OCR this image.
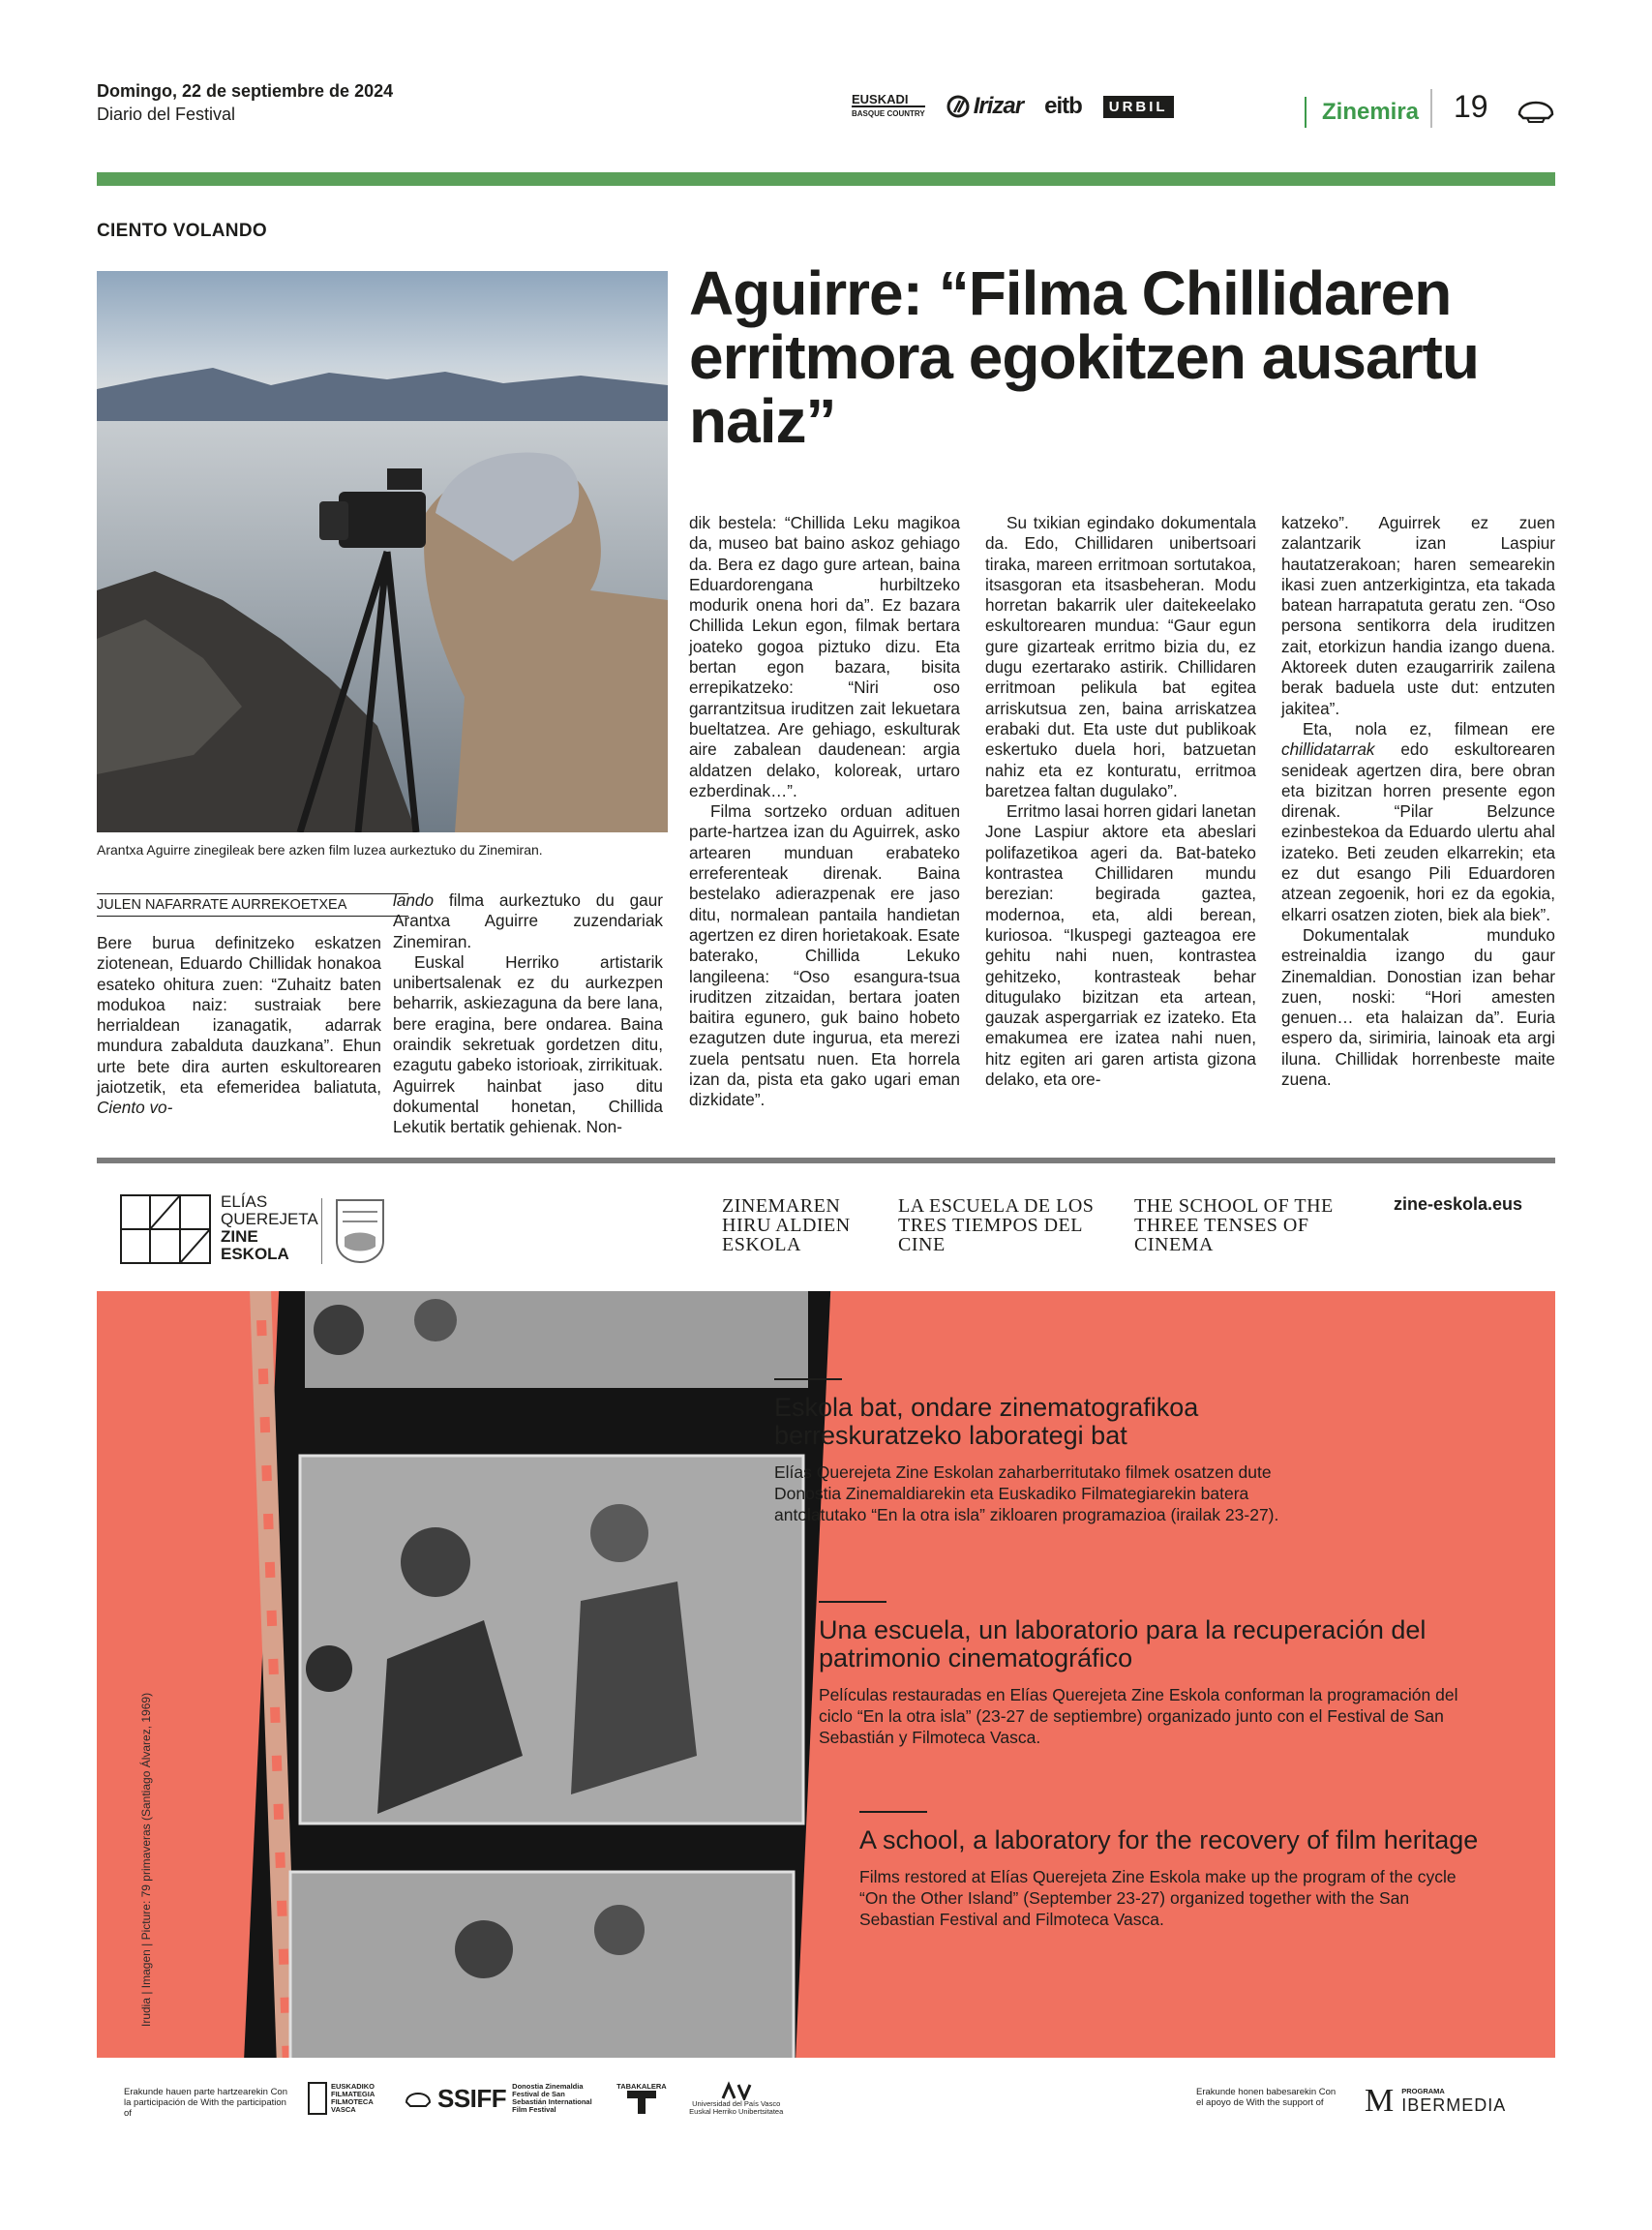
Domingo, 22 de septiembre de 2024
Diario del Festival
EUSKADI
BASQUE COUNTRY Irizar eitb	URBIL	Zinemira 19
CIENTO VOLANDO
Arantxa Aguirre zinegileak bere azken film luzea aurkeztuko du Zinemiran.
Aguirre: “Filma Chillidaren erritmora egokitzen ausartu naiz”
JULEN NAFARRATE AURREKOETXEA

Bere burua definitzeko eskatzen ziotenean, Eduardo Chillidak honakoa esateko ohitura zuen: “Zuhaitz baten modukoa naiz: sustraiak bere herrialdean izanagatik, adarrak mundura zabalduta dauzkana”. Ehun urte bete dira aurten eskultorearen jaiotzetik, eta efemeridea baliatuta, Ciento vo-

lando filma aurkeztuko du gaur Arantxa Aguirre zuzendariak Zinemiran.

Euskal Herriko artistarik unibertsalenak ez du aurkezpen beharrik, askiezaguna da bere lana, bere eragina, bere ondarea. Baina oraindik sekretuak gordetzen ditu, ezagutu gabeko istorioak, zirrikituak. Aguirrek hainbat jaso ditu dokumental honetan, Chillida Lekutik bertatik gehienak. Non-

dik bestela: “Chillida Leku magikoa da, museo bat baino askoz gehiago da. Bera ez dago gure artean, baina Eduardorengana hurbiltzeko modurik onena hori da”. Ez bazara Chillida Lekun egon, filmak bertara joateko gogoa piztuko dizu. Eta bertan egon bazara, bisita errepikatzeko: “Niri oso garrantzitsua iruditzen zait lekuetara bueltatzea. Are gehiago, eskulturak aire zabalean daudenean: argia aldatzen delako, koloreak, urtaro ezberdinak…”.

Filma sortzeko orduan adituen parte-hartzea izan du Aguirrek, asko artearen munduan erabateko erreferenteak direnak. Baina bestelako adierazpenak ere jaso ditu, normalean pantaila handietan agertzen ez diren horietakoak. Esate baterako, Chillida Lekuko langileena: “Oso esangura-tsua iruditzen zitzaidan, bertara joaten baitira egunero, guk baino hobeto ezagutzen dute ingurua, eta merezi zuela pentsatu nuen. Eta horrela izan da, pista eta gako ugari eman dizkidate”.

Su txikian egindako dokumentala da. Edo, Chillidaren unibertsoari tiraka, mareen erritmoan sortutakoa, itsasgoran eta itsasbeheran. Modu horretan bakarrik uler daitekeelako eskultorearen mundua: “Gaur egun gure gizarteak erritmo bizia du, ez dugu ezertarako astirik. Chillidaren erritmoan pelikula bat egitea arriskutsua zen, baina arriskatzea erabaki dut. Eta uste dut publikoak eskertuko duela hori, batzuetan nahiz eta ez konturatu, erritmoa baretzea faltan dugulako”.

Erritmo lasai horren gidari lanetan Jone Laspiur aktore eta abeslari polifazetikoa ageri da. Bat-bateko kontrastea Chillidaren mundu berezian: begirada gaztea, modernoa, eta, aldi berean, kuriosoa. “Ikuspegi gazteagoa ere gehitu nahi nuen, kontrastea gehitzeko, kontrasteak behar ditugulako bizitzan eta artean, gauzak aspergarriak ez izateko. Eta emakumea ere izatea nahi nuen, hitz egiten ari garen artista gizona delako, eta ore-

katzeko”. Aguirrek ez zuen zalantzarik izan Laspiur hautatzerakoan; haren semearekin ikasi zuen antzerkigintza, eta takada batean harrapatuta geratu zen. “Oso persona sentikorra dela iruditzen zait, etorkizun handia izango duena. Aktoreek duten ezaugarririk zailena berak baduela uste dut: entzuten jakitea”.

Eta, nola ez, filmean ere chillidatarrak edo eskultorearen senideak agertzen dira, bere obran eta bizitzan horren presente egon direnak. “Pilar Belzunce ezinbestekoa da Eduardo ulertu ahal izateko. Beti zeuden elkarrekin; eta ez dut esango Pili Eduardoren atzean zegoenik, hori ez da egokia, elkarri osatzen zioten, biek ala biek”.

Dokumentalak munduko estreinaldia izango du gaur Zinemaldian. Donostian izan behar zuen, noski: “Hori amesten genuen… eta halaizan da”. Euria espero da, sirimiria, lainoak eta argi iluna. Chillidak horrenbeste maite zuena.

ELÍAS
QUEREJETA
ZINE
ESKOLA
ZINEMAREN HIRU ALDIEN ESKOLA
LA ESCUELA DE LOS TRES TIEMPOS DEL CINE
THE SCHOOL OF THE THREE TENSES OF CINEMA
zine-eskola.eus
Irudia | Imagen | Picture: 79 primaveras (Santiago Álvarez, 1969)
Eskola bat, ondare zinematografikoa berreskuratzeko laborategi bat

Elías Querejeta Zine Eskolan zaharberritutako filmek osatzen dute Donostia Zinemaldiarekin eta Euskadiko Filmategiarekin batera antolatutako “En la otra isla” zikloaren programazioa (irailak 23-27).

Una escuela, un laboratorio para la recuperación del patrimonio cinematográfico

Películas restauradas en Elías Querejeta Zine Eskola conforman la programación del ciclo “En la otra isla” (23-27 de septiembre) organizado junto con el Festival de San Sebastián y Filmoteca Vasca.

A school, a laboratory for the recovery of film heritage

Films restored at Elías Querejeta Zine Eskola make up the program of the cycle “On the Other Island” (September 23-27) organized together with the San Sebastian Festival and Filmoteca Vasca.

Erakunde hauen parte hartzearekin Con la participación de With the participation of
EUSKADIKO FILMATEGIA FILMOTECA VASCA	SSIFF Donostia Zinemaldia Festival de San Sebastián International Film Festival
TABAKALERA
Universidad del País Vasco Euskal Herriko Unibertsitatea
Erakunde honen babesarekin Con el apoyo de With the support of	M PROGRAMA
IBERMEDIA
